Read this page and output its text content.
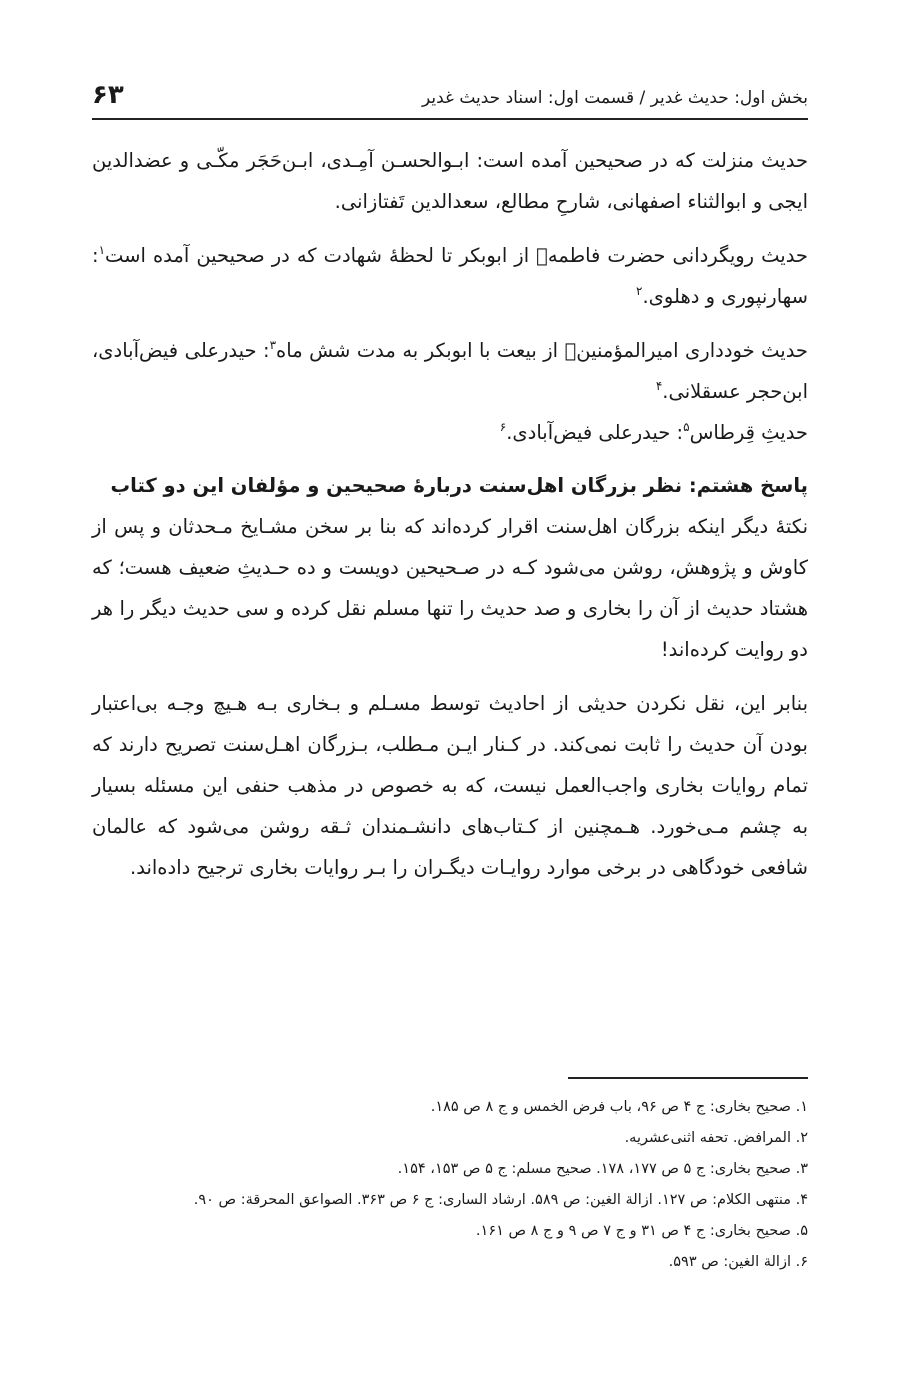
بخش اول: حدیث غدیر / قسمت اول: اسناد حدیث غدیر
۶۳

حدیث منزلت که در صحیحین آمده است: ابـوالحسـن آمِـدی، ابـن‌حَجَر مکّـی و عضد‌الدین ایجی و ابوالثناء اصفهانی، شارحِ مطالع، سعدالدین تَفتازانی.

حدیث رویگردانی حضرت فاطمهؑ از ابوبکر تا لحظهٔ شهادت که در صحیحین آمده است$^۱$: سهارنپوری و دهلوی.$^۲$

حدیث خودداری امیرالمؤمنینؐ از بیعت با ابوبکر به مدت شش ماه$^۳$: حیدرعلی فیض‌آبادی، ابن‌حجر عسقلانی.$^۴$

حدیثِ قِرطاس$^۵$: حیدرعلی فیض‌آبادی.$^۶$

پاسخ هشتم: نظر بزرگان اهل‌سنت دربارهٔ صحیحین و مؤلفان این دو کتاب

نکتهٔ دیگر اینکه بزرگان اهل‌سنت اقرار کرده‌اند که بنا بر سخن مشـایخ مـحدثان و پس از کاوش و پژوهش، روشن می‌شود کـه در صـحیحین دویست و ده حـدیثِ ضعیف هست؛ که هشتاد حدیث از آن را بخاری و صد حدیث را تنها مسلم نقل کرده و سی حدیث دیگر را هر دو روایت کرده‌اند!

بنابر این، نقل نکردن حدیثی از احادیث توسط مسـلم و بـخاری بـه هـیچ وجـه بی‌اعتبار بودن آن حدیث را ثابت نمی‌کند. در کـنار ایـن مـطلب، بـزرگان اهـل‌سنت تصریح دارند که تمام روایات بخاری واجب‌العمل نیست، که به خصوص در مذهب حنفی این مسئله بسیار به چشم مـی‌خورد. هـمچنین از کـتاب‌های دانشـمندان ثـقه روشن می‌شود که عالمان شافعی خودگاهی در برخی موارد روایـات دیگـران را بـر روایات بخاری ترجیح داده‌اند.

۱. صحیح بخاری: ج ۴ ص ۹۶، باب فرض الخمس و ج ۸ ص ۱۸۵.

۲. المرافض. تحفه اثنی‌عشریه.

۳. صحیح بخاری: ج ۵ ص ۱۷۷، ۱۷۸. صحیح مسلم: ج ۵ ص ۱۵۳، ۱۵۴.

۴. منتهی الکلام: ص ۱۲۷. ازالة الغین: ص ۵۸۹. ارشاد الساری: ج ۶ ص ۳۶۳. الصواعق المحرقة: ص ۹۰.

۵. صحیح بخاری: ج ۴ ص ۳۱ و ج ۷ ص ۹ و ج ۸ ص ۱۶۱.

۶. ازالة الغین: ص ۵۹۳.
